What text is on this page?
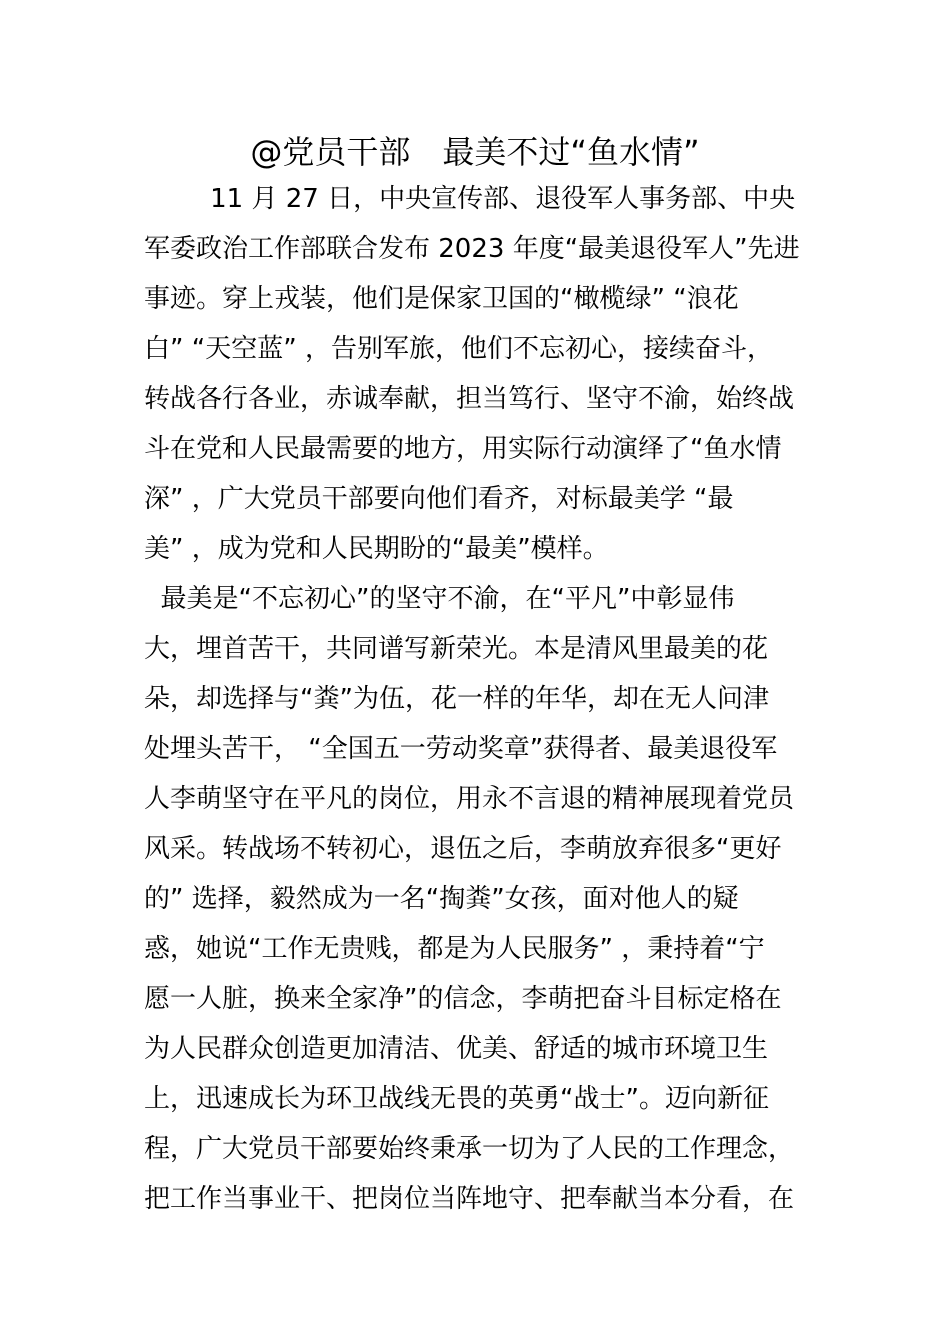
@党员干部　最美不过“鱼水情”
11 月 27 日，中央宣传部、退役军人事务部、中央
军委政治工作部联合发布 2023 年度“最美退役军人”先进
事迹。穿上戎装，他们是保家卫国的“橄榄绿” “浪花
白” “天空蓝” ，告别军旅，他们不忘初心，接续奋斗，
转战各行各业，赤诚奉献，担当笃行、坚守不渝，始终战
斗在党和人民最需要的地方，用实际行动演绎了“鱼水情
深” ，广大党员干部要向他们看齐，对标最美学 “最
美” ，成为党和人民期盼的“最美”模样。
最美是“不忘初心”的坚守不渝，在“平凡”中彰显伟
大，埋首苦干，共同谱写新荣光。本是清风里最美的花
朵，却选择与“粪”为伍，花一样的年华，却在无人问津
处埋头苦干， “全国五一劳动奖章”获得者、最美退役军
人李萌坚守在平凡的岗位，用永不言退的精神展现着党员
风采。转战场不转初心，退伍之后，李萌放弃很多“更好
的” 选择，毅然成为一名“掏粪”女孩，面对他人的疑
惑，她说“工作无贵贱，都是为人民服务” ，秉持着“宁
愿一人脏，换来全家净”的信念，李萌把奋斗目标定格在
为人民群众创造更加清洁、优美、舒适的城市环境卫生
上，迅速成长为环卫战线无畏的英勇“战士”。迈向新征
程，广大党员干部要始终秉承一切为了人民的工作理念，
把工作当事业干、把岗位当阵地守、把奉献当本分看，在
